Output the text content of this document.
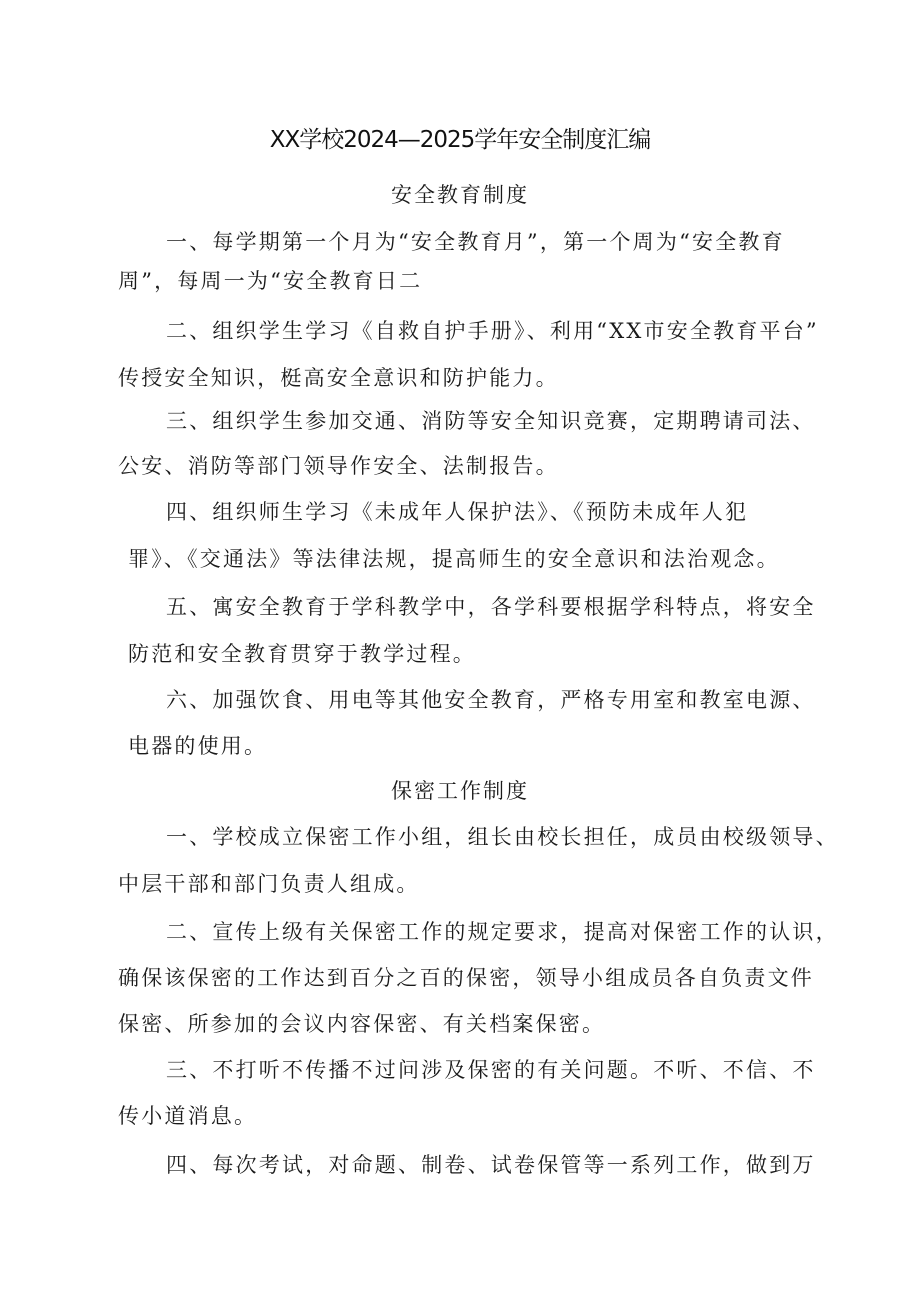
XX学校2024—2025学年安全制度汇编
安全教育制度
一、每学期第一个月为“安全教育月”，第一个周为“安全教育
周”，每周一为“安全教育日二
二、组织学生学习《自救自护手册》、利用“XX市安全教育平台”
传授安全知识，梃高安全意识和防护能力。
三、组织学生参加交通、消防等安全知识竞赛，定期聘请司法、
公安、消防等部门领导作安全、法制报告。
四、组织师生学习《未成年人保护法》、《预防未成年人犯
罪》、《交通法》等法律法规，提高师生的安全意识和法治观念。
五、寓安全教育于学科教学中，各学科要根据学科特点，将安全
防范和安全教育贯穿于教学过程。
六、加强饮食、用电等其他安全教育，严格专用室和教室电源、
电器的使用。
保密工作制度
一、学校成立保密工作小组，组长由校长担任，成员由校级领导、
中层干部和部门负责人组成。
二、宣传上级有关保密工作的规定要求，提高对保密工作的认识，
确保该保密的工作达到百分之百的保密，领导小组成员各自负责文件
保密、所参加的会议内容保密、有关档案保密。
三、不打听不传播不过问涉及保密的有关问题。不听、不信、不
传小道消息。
四、每次考试，对命题、制卷、试卷保管等一系列工作，做到万
